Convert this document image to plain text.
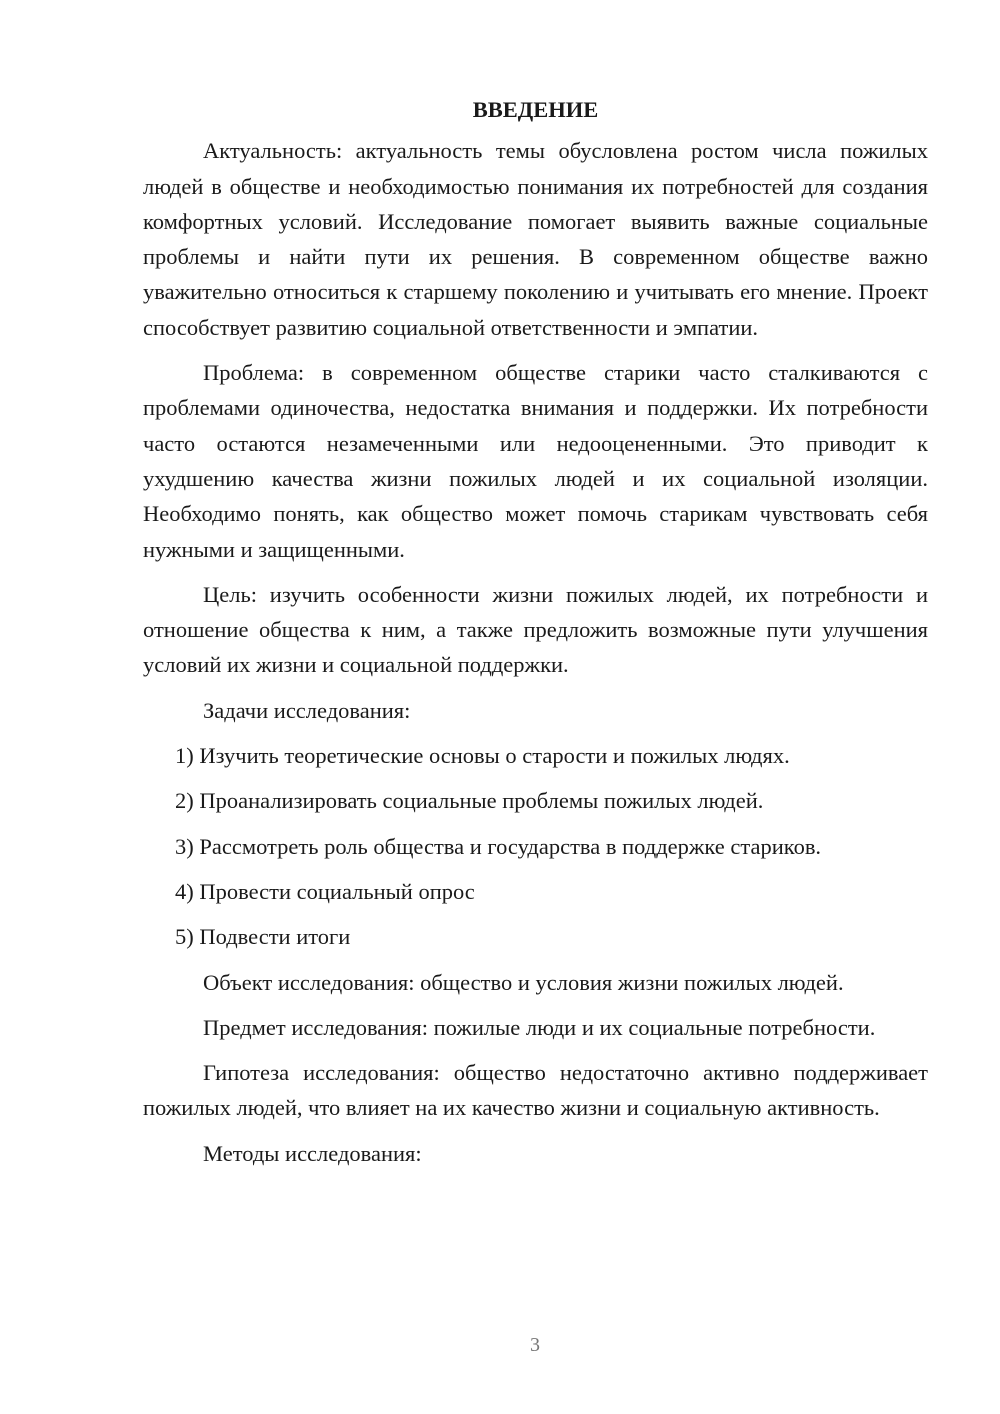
ВВЕДЕНИЕ

Актуальность: актуальность темы обусловлена ростом числа пожилых людей в обществе и необходимостью понимания их потребностей для создания комфортных условий. Исследование помогает выявить важные социальные проблемы и найти пути их решения. В современном обществе важно уважительно относиться к старшему поколению и учитывать его мнение. Проект способствует развитию социальной ответственности и эмпатии.

Проблема: в современном обществе старики часто сталкиваются с проблемами одиночества, недостатка внимания и поддержки. Их потребности часто остаются незамеченными или недооцененными. Это приводит к ухудшению качества жизни пожилых людей и их социальной изоляции. Необходимо понять, как общество может помочь старикам чувствовать себя нужными и защищенными.

Цель: изучить особенности жизни пожилых людей, их потребности и отношение общества к ним, а также предложить возможные пути улучшения условий их жизни и социальной поддержки.

Задачи исследования:
1) Изучить теоретические основы о старости и пожилых людях.
2) Проанализировать социальные проблемы пожилых людей.
3) Рассмотреть роль общества и государства в поддержке стариков.
4) Провести социальный опрос
5) Подвести итоги

Объект исследования: общество и условия жизни пожилых людей.

Предмет исследования: пожилые люди и их социальные потребности.

Гипотеза исследования: общество недостаточно активно поддерживает пожилых людей, что влияет на их качество жизни и социальную активность.

Методы исследования:
3
